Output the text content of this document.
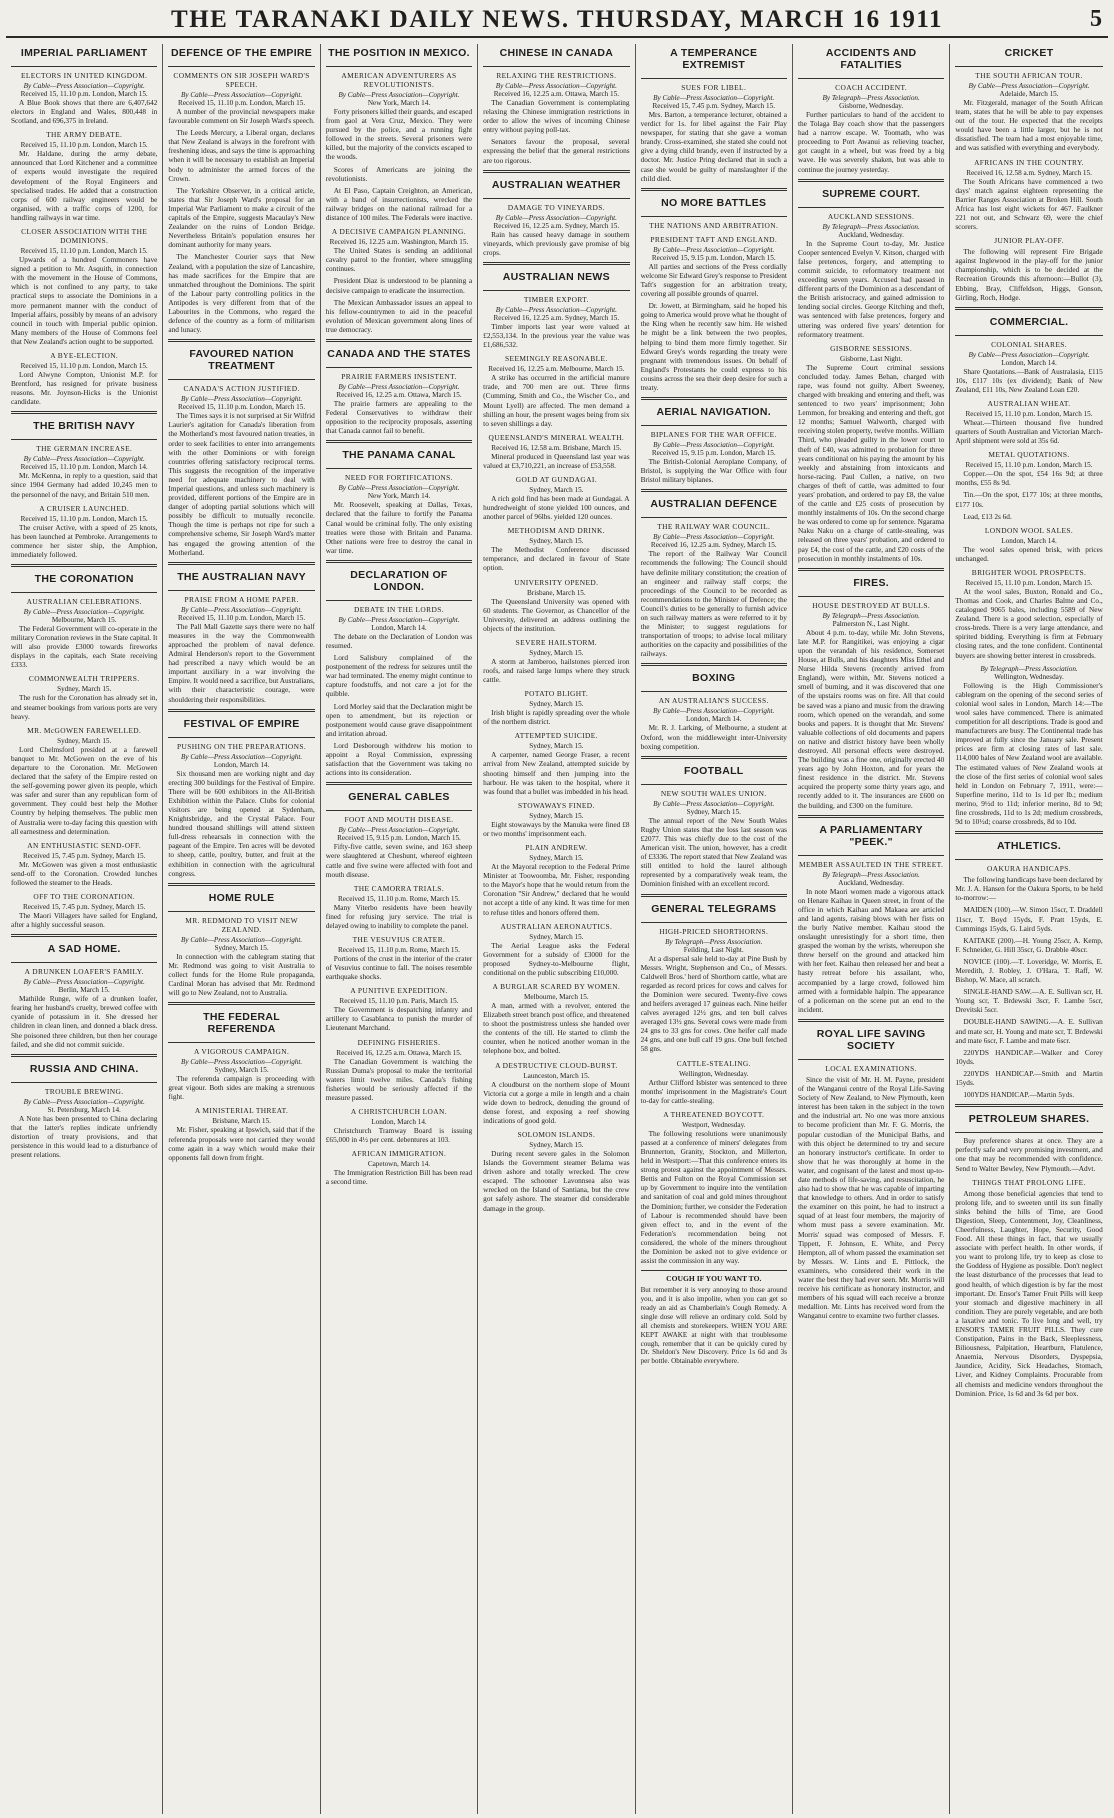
THE TARANAKI DAILY NEWS. THURSDAY, MARCH 16 1911	5
IMPERIAL PARLIAMENT
ELECTORS IN UNITED KINGDOM.
By Cable—Press Association—Copyright.
Received 15, 11.10 p.m. London, March 15.

A Blue Book shows that there are 6,407,642 electors in England and Wales, 800,448 in Scotland, and 696,375 in Ireland.

THE ARMY DEBATE.
Received 15, 11.10 p.m. London, March 15.

Mr. Haldane, during the army debate, announced that Lord Kitchener and a committee of experts would investigate the required development of the Royal Engineers and specialised trades. He added that a construction corps of 600 railway engineers would be organised, with a traffic corps of 1200, for handling railways in war time.

CLOSER ASSOCIATION WITH THE DOMINIONS.
Received 15, 11.10 p.m. London, March 15.

Upwards of a hundred Commoners have signed a petition to Mr. Asquith, in connection with the movement in the House of Commons, which is not confined to any party, to take practical steps to associate the Dominions in a more permanent manner with the conduct of Imperial affairs, possibly by means of an advisory council in touch with Imperial public opinion. Many members of the House of Commons feel that New Zealand's action ought to be supported.

A BYE-ELECTION.
Received 15, 11.10 p.m. London, March 15.

Lord Alwyne Compton, Unionist M.P. for Brentford, has resigned for private business reasons. Mr. Joynson-Hicks is the Unionist candidate.

THE BRITISH NAVY
THE GERMAN INCREASE.
By Cable—Press Association—Copyright.
Received 15, 11.10 p.m. London, March 14.

Mr. McKenna, in reply to a question, said that since 1904 Germany had added 10,245 men to the personnel of the navy, and Britain 510 men.

A CRUISER LAUNCHED.
Received 15, 11.10 p.m. London, March 15.

The cruiser Active, with a speed of 25 knots, has been launched at Pembroke. Arrangements to commence her sister ship, the Amphion, immediately followed.

THE CORONATION
AUSTRALIAN CELEBRATIONS.
By Cable—Press Association—Copyright.
Melbourne, March 15.

The Federal Government will co-operate in the military Coronation reviews in the State capital. It will also provide £3000 towards fireworks displays in the capitals, each State receiving £333.

COMMONWEALTH TRIPPERS.
Sydney, March 15.

The rush for the Coronation has already set in, and steamer bookings from various ports are very heavy.

MR. McGOWEN FAREWELLED.
Sydney, March 15.

Lord Chelmsford presided at a farewell banquet to Mr. McGowen on the eve of his departure to the Coronation. Mr. McGowen declared that the safety of the Empire rested on the self-governing power given its people, which was safer and surer than any republican form of government. They could best help the Mother Country by helping themselves. The public men of Australia were to-day facing this question with all earnestness and determination.

AN ENTHUSIASTIC SEND-OFF.
Received 15, 7.45 p.m. Sydney, March 15.

Mr. McGowen was given a most enthusiastic send-off to the Coronation. Crowded lunches followed the steamer to the Heads.

OFF TO THE CORONATION.
Received 15, 7.45 p.m. Sydney, March 15.

The Maori Villagers have sailed for England, after a highly successful season.

A SAD HOME.
A DRUNKEN LOAFER'S FAMILY.
By Cable—Press Association—Copyright.
Berlin, March 15.

Mathilde Runge, wife of a drunken loafer, fearing her husband's cruelty, brewed coffee with cyanide of potassium in it. She dressed her children in clean linen, and donned a black dress. She poisoned three children, but then her courage failed, and she did not commit suicide.

RUSSIA AND CHINA.
TROUBLE BREWING.
By Cable—Press Association—Copyright.
St. Petersburg, March 14.

A Note has been presented to China declaring that the latter's replies indicate unfriendly distortion of treaty provisions, and that persistence in this would lead to a disturbance of present relations.

DEFENCE OF THE EMPIRE
COMMENTS ON SIR JOSEPH WARD'S SPEECH.
By Cable—Press Association—Copyright.
Received 15, 11.10 p.m. London, March 15.

A number of the provincial newspapers make favourable comment on Sir Joseph Ward's speech.

The Leeds Mercury, a Liberal organ, declares that New Zealand is always in the forefront with freshening ideas, and says the time is approaching when it will be necessary to establish an Imperial body to administer the armed forces of the Crown.

The Yorkshire Observer, in a critical article, states that Sir Joseph Ward's proposal for an Imperial War Parliament to make a circuit of the capitals of the Empire, suggests Macaulay's New Zealander on the ruins of London Bridge. Nevertheless Britain's population ensures her dominant authority for many years.

The Manchester Courier says that New Zealand, with a population the size of Lancashire, has made sacrifices for the Empire that are unmatched throughout the Dominions. The spirit of the Labour party controlling politics in the Antipodes is very different from that of the Labourites in the Commons, who regard the defence of the country as a form of militarism and lunacy.

FAVOURED NATION TREATMENT
CANADA'S ACTION JUSTIFIED.
By Cable—Press Association—Copyright.
Received 15, 11.10 p.m. London, March 15.

The Times says it is not surprised at Sir Wilfrid Laurier's agitation for Canada's liberation from the Motherland's most favoured nation treaties, in order to seek facilities to enter into arrangements with the other Dominions or with foreign countries offering satisfactory reciprocal terms. This suggests the recognition of the imperative need for adequate machinery to deal with Imperial questions, and unless such machinery is provided, different portions of the Empire are in danger of adopting partial solutions which will possibly be difficult to mutually reconcile. Though the time is perhaps not ripe for such a comprehensive scheme, Sir Joseph Ward's matter has engaged the growing attention of the Motherland.

THE AUSTRALIAN NAVY
PRAISE FROM A HOME PAPER.
By Cable—Press Association—Copyright.
Received 15, 11.10 p.m. London, March 15.

The Pall Mall Gazette says there were no half measures in the way the Commonwealth approached the problem of naval defence. Admiral Henderson's report to the Government had prescribed a navy which would be an important auxiliary in a war involving the Empire. It would need a sacrifice, but Australians, with their characteristic courage, were shouldering their responsibilities.

FESTIVAL OF EMPIRE
PUSHING ON THE PREPARATIONS.
By Cable—Press Association—Copyright.
London, March 14.

Six thousand men are working night and day erecting 300 buildings for the Festival of Empire. There will be 600 exhibitors in the All-British Exhibition within the Palace. Clubs for colonial visitors are being opened at Sydenham, Knightsbridge, and the Crystal Palace. Four hundred thousand shillings will attend sixteen full-dress rehearsals in connection with the pageant of the Empire. Ten acres will be devoted to sheep, cattle, poultry, butter, and fruit at the exhibition in connection with the agricultural congress.

HOME RULE
MR. REDMOND TO VISIT NEW ZEALAND.
By Cable—Press Association—Copyright.
Sydney, March 15.

In connection with the cablegram stating that Mr. Redmond was going to visit Australia to collect funds for the Home Rule propaganda, Cardinal Moran has advised that Mr. Redmond will go to New Zealand, not to Australia.

THE FEDERAL REFERENDA
A VIGOROUS CAMPAIGN.
By Cable—Press Association—Copyright.
Sydney, March 15.

The referenda campaign is proceeding with great vigour. Both sides are making a strenuous fight.

A MINISTERIAL THREAT.
Brisbane, March 15.

Mr. Fisher, speaking at Ipswich, said that if the referenda proposals were not carried they would come again in a way which would make their opponents fall down from fright.

THE POSITION IN MEXICO.
AMERICAN ADVENTURERS AS REVOLUTIONISTS.
By Cable—Press Association—Copyright.
New York, March 14.

Forty prisoners killed their guards, and escaped from gaol at Vera Cruz, Mexico. They were pursued by the police, and a running fight followed in the streets. Several prisoners were killed, but the majority of the convicts escaped to the woods.

Scores of Americans are joining the revolutionists.

At El Paso, Captain Creighton, an American, with a band of insurrectionists, wrecked the railway bridges on the national railroad for a distance of 100 miles. The Federals were inactive.

A DECISIVE CAMPAIGN PLANNING.
Received 16, 12.25 a.m. Washington, March 15.

The United States is sending an additional cavalry patrol to the frontier, where smuggling continues.

President Diaz is understood to be planning a decisive campaign to eradicate the insurrection.

The Mexican Ambassador issues an appeal to his fellow-countrymen to aid in the peaceful evolution of Mexican government along lines of true democracy.

CANADA AND THE STATES
PRAIRIE FARMERS INSISTENT.
By Cable—Press Association—Copyright.
Received 16, 12.25 a.m. Ottawa, March 15.

The prairie farmers are appealing to the Federal Conservatives to withdraw their opposition to the reciprocity proposals, asserting that Canada cannot fail to benefit.

THE PANAMA CANAL
NEED FOR FORTIFICATIONS.
By Cable—Press Association—Copyright.
New York, March 14.

Mr. Roosevelt, speaking at Dallas, Texas, declared that the failure to fortify the Panama Canal would be criminal folly. The only existing treaties were those with Britain and Panama. Other nations were free to destroy the canal in war time.

DECLARATION OF LONDON.
DEBATE IN THE LORDS.
By Cable—Press Association—Copyright.
London, March 14.

The debate on the Declaration of London was resumed.

Lord Salisbury complained of the postponement of the redress for seizures until the war had terminated. The enemy might continue to capture foodstuffs, and not care a jot for the quibble.

Lord Morley said that the Declaration might be open to amendment, but its rejection or postponement would cause grave disappointment and irritation abroad.

Lord Desborough withdrew his motion to appoint a Royal Commission, expressing satisfaction that the Government was taking no actions into its consideration.

GENERAL CABLES
FOOT AND MOUTH DISEASE.
By Cable—Press Association—Copyright.
Received 15, 9.15 p.m. London, March 15.

Fifty-five cattle, seven swine, and 163 sheep were slaughtered at Cheshunt, whereof eighteen cattle and five swine were affected with foot and mouth disease.

THE CAMORRA TRIALS.
Received 15, 11.10 p.m. Rome, March 15.

Many Viterbo residents have been heavily fined for refusing jury service. The trial is delayed owing to inability to complete the panel.

THE VESUVIUS CRATER.
Received 15, 11.10 p.m. Rome, March 15.

Portions of the crust in the interior of the crater of Vesuvius continue to fall. The noises resemble earthquake shocks.

A PUNITIVE EXPEDITION.
Received 15, 11.10 p.m. Paris, March 15.

The Government is despatching infantry and artillery to Casablanca to punish the murder of Lieutenant Marchand.

DEFINING FISHERIES.
Received 16, 12.25 a.m. Ottawa, March 15.

The Canadian Government is watching the Russian Duma's proposal to make the territorial waters limit twelve miles. Canada's fishing fisheries would be seriously affected if the measure passed.

A CHRISTCHURCH LOAN.
London, March 14.

Christchurch Tramway Board is issuing £65,000 in 4½ per cent. debentures at 103.

AFRICAN IMMIGRATION.
Capetown, March 14.

The Immigration Restriction Bill has been read a second time.

CHINESE IN CANADA
RELAXING THE RESTRICTIONS.
By Cable—Press Association—Copyright.
Received 16, 12.25 a.m. Ottawa, March 15.

The Canadian Government is contemplating relaxing the Chinese immigration restrictions in order to allow the wives of incoming Chinese entry without paying poll-tax.

Senators favour the proposal, several expressing the belief that the general restrictions are too rigorous.

AUSTRALIAN WEATHER
DAMAGE TO VINEYARDS.
By Cable—Press Association—Copyright.
Received 16, 12.25 a.m. Sydney, March 15.

Rain has caused heavy damage in southern vineyards, which previously gave promise of big crops.

AUSTRALIAN NEWS
TIMBER EXPORT.
By Cable—Press Association—Copyright.
Received 16, 12.25 a.m. Sydney, March 15.

Timber imports last year were valued at £2,553,134. In the previous year the value was £1,686,532.

SEEMINGLY REASONABLE.
Received 16, 12.25 a.m. Melbourne, March 15.

A strike has occurred in the artificial manure trade, and 700 men are out. Three firms (Cumming, Smith and Co., the Wischer Co., and Mount Lyell) are affected. The men demand a shilling an hour, the present wages being from six to seven shillings a day.

QUEENSLAND'S MINERAL WEALTH.
Received 16, 12.58 a.m. Brisbane, March 15.

Mineral produced in Queensland last year was valued at £3,710,221, an increase of £53,558.

GOLD AT GUNDAGAI.
Sydney, March 15.

A rich gold find has been made at Gundagai. A hundredweight of stone yielded 100 ounces, and another parcel of 96lbs. yielded 120 ounces.

METHODISM AND DRINK.
Sydney, March 15.

The Methodist Conference discussed temperance, and declared in favour of State option.

UNIVERSITY OPENED.
Brisbane, March 15.

The Queensland University was opened with 60 students. The Governor, as Chancellor of the University, delivered an address outlining the objects of the institution.

SEVERE HAILSTORM.
Sydney, March 15.

A storm at Jamberoo, hailstones pierced iron roofs, and raised large lumps where they struck cattle.

POTATO BLIGHT.
Sydney, March 15.

Irish blight is rapidly spreading over the whole of the northern district.

ATTEMPTED SUICIDE.
Sydney, March 15.

A carpenter, named George Fraser, a recent arrival from New Zealand, attempted suicide by shooting himself and then jumping into the harbour. He was taken to the hospital, where it was found that a bullet was imbedded in his head.

STOWAWAYS FINED.
Sydney, March 15.

Eight stowaways by the Manuka were fined £8 or two months' imprisonment each.

PLAIN ANDREW.
Sydney, March 15.

At the Mayoral reception to the Federal Prime Minister at Toowoomba, Mr. Fisher, responding to the Mayor's hope that he would return from the Coronation "Sir Andrew," declared that he would not accept a title of any kind. It was time for men to refuse titles and honors offered them.

AUSTRALIAN AERONAUTICS.
Sydney, March 15.

The Aerial League asks the Federal Government for a subsidy of £3000 for the proposed Sydney-to-Melbourne flight, conditional on the public subscribing £10,000.

A BURGLAR SCARED BY WOMEN.
Melbourne, March 15.

A man, armed with a revolver, entered the Elizabeth street branch post office, and threatened to shoot the postmistress unless she handed over the contents of the till. He started to climb the counter, when he noticed another woman in the telephone box, and bolted.

A DESTRUCTIVE CLOUD-BURST.
Launceston, March 15.

A cloudburst on the northern slope of Mount Victoria cut a gorge a mile in length and a chain wide down to bedrock, denuding the ground of dense forest, and exposing a reef showing indications of good gold.

SOLOMON ISLANDS.
Sydney, March 15.

During recent severe gales in the Solomon Islands the Government steamer Belama was driven ashore and totally wrecked. The crew escaped. The schooner Lavonnsea also was wrecked on the Island of Santiana, but the crew got safely ashore. The steamer did considerable damage in the group.

A TEMPERANCE EXTREMIST
SUES FOR LIBEL.
By Cable—Press Association—Copyright.
Received 15, 7.45 p.m. Sydney, March 15.

Mrs. Barton, a temperance lecturer, obtained a verdict for 1s. for libel against the Fair Play newspaper, for stating that she gave a woman brandy. Cross-examined, she stated she could not give a dying child brandy, even if instructed by a doctor. Mr. Justice Pring declared that in such a case she would be guilty of manslaughter if the child died.

NO MORE BATTLES
THE NATIONS AND ARBITRATION.
PRESIDENT TAFT AND ENGLAND.
By Cable—Press Association—Copyright.
Received 15, 9.15 p.m. London, March 15.

All parties and sections of the Press cordially welcome Sir Edward Grey's response to President Taft's suggestion for an arbitration treaty, covering all possible grounds of quarrel.

Dr. Jowett, at Birmingham, said he hoped his going to America would prove what he thought of the King when he recently saw him. He wished he might be a link between the two peoples, helping to bind them more firmly together. Sir Edward Grey's words regarding the treaty were pregnant with tremendous issues. On behalf of England's Protestants he could express to his cousins across the sea their deep desire for such a treaty.

AERIAL NAVIGATION.
BIPLANES FOR THE WAR OFFICE.
By Cable—Press Association—Copyright.
Received 15, 9.15 p.m. London, March 15.

The British-Colonial Aeroplane Company, of Bristol, is supplying the War Office with four Bristol military biplanes.

AUSTRALIAN DEFENCE
THE RAILWAY WAR COUNCIL.
By Cable—Press Association—Copyright.
Received 16, 12.25 a.m. Sydney, March 15.

The report of the Railway War Council recommends the following: The Council should have definite military constitution; the creation of an engineer and railway staff corps; the proceedings of the Council to be recorded as recommendations to the Minister of Defence; the Council's duties to be generally to furnish advice on such railway matters as were referred to it by the Minister; to suggest regulations for transportation of troops; to advise local military authorities on the capacity and possibilities of the railways.

BOXING
AN AUSTRALIAN'S SUCCESS.
By Cable—Press Association—Copyright.
London, March 14.

Mr. R. J. Larking, of Melbourne, a student at Oxford, won the middleweight inter-University boxing competition.

FOOTBALL
NEW SOUTH WALES UNION.
By Cable—Press Association—Copyright.
Sydney, March 15.

The annual report of the New South Wales Rugby Union states that the loss last season was £2077. This was chiefly due to the cost of the American visit. The union, however, has a credit of £3336. The report stated that New Zealand was still entitled to hold the laurel although represented by a comparatively weak team, the Dominion finished with an excellent record.

GENERAL TELEGRAMS
HIGH-PRICED SHORTHORNS.
By Telegraph—Press Association.
Feilding, Last Night.

At a dispersal sale held to-day at Pine Bush by Messrs. Wright, Stephenson and Co., of Messrs. Caldwell Bros.' herd of Shorthorn cattle, what are regarded as record prices for cows and calves for the Dominion were secured. Twenty-five cows and heifers averaged 17 guineas each. Nine heifer calves averaged 12½ gns, and ten bull calves averaged 13½ gns. Several cows were made from 24 gns to 33 gns for cows. One heifer calf made 24 gns, and one bull calf 19 gns. One bull fetched 58 gns.

CATTLE-STEALING.
Wellington, Wednesday.

Arthur Clifford Isbister was sentenced to three months' imprisonment in the Magistrate's Court to-day for cattle-stealing.

A THREATENED BOYCOTT.
Westport, Wednesday.

The following resolutions were unanimously passed at a conference of miners' delegates from Brunnerton, Granity, Stockton, and Millerton, held in Westport:—That this conference enters its strong protest against the appointment of Messrs. Bettis and Fulton on the Royal Commission set up by Government to inquire into the ventilation and sanitation of coal and gold mines throughout the Dominion; further, we consider the Federation of Labour is recommended should have been given effect to, and in the event of the Federation's recommendation being not considered, the whole of the miners throughout the Dominion be asked not to give evidence or assist the commission in any way.

COUGH IF YOU WANT TO.
But remember it is very annoying to those around you, and it is also impolite, when you can get so ready an aid as Chamberlain's Cough Remedy. A single dose will relieve an ordinary cold. Sold by all chemists and storekeepers. WHEN YOU ARE KEPT AWAKE at night with that troublesome cough, remember that it can be quickly cured by Dr. Sheldon's New Discovery. Price 1s 6d and 3s per bottle. Obtainable everywhere.
ACCIDENTS AND FATALITIES
COACH ACCIDENT.
By Telegraph—Press Association.
Gisborne, Wednesday.

Further particulars to hand of the accident to the Tolaga Bay coach show that the passengers had a narrow escape. W. Toomath, who was proceeding to Port Awanui as relieving teacher, got caught in a wheel, but was freed by a big wave. He was severely shaken, but was able to continue the journey yesterday.

SUPREME COURT.
AUCKLAND SESSIONS.
By Telegraph—Press Association.
Auckland, Wednesday.

In the Supreme Court to-day, Mr. Justice Cooper sentenced Evelyn V. Kitson, charged with false pretences, forgery, and attempting to commit suicide, to reformatory treatment not exceeding seven years. Accused had passed in different parts of the Dominion as a descendant of the British aristocracy, and gained admission to lending social circles. George Kitching and theft, was sentenced with false pretences, forgery and uttering was ordered five years' detention for reformatory treatment.

GISBORNE SESSIONS.
Gisborne, Last Night.

The Supreme Court criminal sessions concluded today. James Behan, charged with rape, was found not guilty. Albert Sweeney, charged with breaking and entering and theft, was sentenced to two years' imprisonment; John Lemmon, for breaking and entering and theft, got 12 months; Samuel Walworth, charged with receiving stolen property, twelve months. William Third, who pleaded guilty in the lower court to theft of £40, was admitted to probation for three years conditional on his paying the amount by his weekly and abstaining from intoxicants and horse-racing. Paul Cullen, a native, on two charges of theft of cattle, was admitted to four years' probation, and ordered to pay £8, the value of the cattle and £25 costs of prosecution by monthly instalments of 10s. On the second charge he was ordered to come up for sentence. Ngarama Naku Naku on a charge of cattle-stealing, was released on three years' probation, and ordered to pay £4, the cost of the cattle, and £20 costs of the prosecution in monthly instalments of 10s.

FIRES.
HOUSE DESTROYED AT BULLS.
By Telegraph—Press Association.
Palmerston N., Last Night.

About 4 p.m. to-day, while Mr. John Stevens, late M.P. for Rangitikei, was enjoying a cigar upon the verandah of his residence, Somerset House, at Bulls, and his daughters Miss Ethel and Nurse Hilda Stevens (recently arrived from England), were within, Mr. Stevens noticed a smell of burning, and it was discovered that one of the upstairs rooms was on fire. All that could be saved was a piano and music from the drawing room, which opened on the verandah, and some books and papers. It is thought that Mr. Stevens' valuable collections of old documents and papers on native and district history have been wholly destroyed. All personal effects were destroyed. The building was a fine one, originally erected 40 years ago by John Hoxton, and for years the finest residence in the district. Mr. Stevens acquired the property some thirty years ago, and recently added to it. The insurances are £600 on the building, and £300 on the furniture.

A PARLIAMENTARY "PEEK."
MEMBER ASSAULTED IN THE STREET.
By Telegraph—Press Association.
Auckland, Wednesday.

In note Maori women made a vigorous attack on Henare Kaihau in Queen street, in front of the office in which Kaihau and Makaea are articled and land agents, raising blows with her fists on the burly Native member. Kaihau stood the onslaught unresistingly for a short time, then grasped the woman by the wrists, whereupon she threw herself on the ground and attacked him with her feet. Kaihau then released her and beat a hasty retreat before his assailant, who, accompanied by a large crowd, followed him armed with a formidable halpin. The appearance of a policeman on the scene put an end to the incident.

ROYAL LIFE SAVING SOCIETY
LOCAL EXAMINATIONS.

Since the visit of Mr. H. M. Payne, president of the Wanganui centre of the Royal Life-Saving Society of New Zealand, to New Plymouth, keen interest has been taken in the subject in the town and the industrial art. No one was more anxious to become proficient than Mr. F. G. Morris, the popular custodian of the Municipal Baths, and with this object he determined to try and secure an honorary instructor's certificate. In order to show that he was thoroughly at home in the water, and cognisant of the latest and most up-to-date methods of life-saving, and resuscitation, he also had to show that he was capable of imparting that knowledge to others. And in order to satisfy the examiner on this point, he had to instruct a squad of at least four members, the majority of whom must pass a severe examination. Mr. Morris' squad was composed of Messrs. F. Tippett, F. Johnson, E. White, and Percy Hempton, all of whom passed the examination set by Messrs. W. Lints and E. Pittlock, the examiners, who considered their work in the water the best they had ever seen. Mr. Morris will receive his certificate as honorary instructor, and members of his squad will each receive a bronze medallion. Mr. Lints has received word from the Wanganui centre to examine two further classes.

CRICKET
THE SOUTH AFRICAN TOUR.
By Cable—Press Association—Copyright.
Adelaide, March 15.

Mr. Fitzgerald, manager of the South African team, states that he will be able to pay expenses out of the tour. He expected that the receipts would have been a little larger, but he is not dissatisfied. The team had a most enjoyable time, and was satisfied with everything and everybody.

AFRICANS IN THE COUNTRY.
Received 16, 12.58 a.m. Sydney, March 15.

The South Africans have commenced a two days' match against eighteen representing the Barrier Ranges Association at Broken Hill. South Africa has lost eight wickets for 467. Faulkner 221 not out, and Schwarz 69, were the chief scorers.

JUNIOR PLAY-OFF.

The following will represent Fire Brigade against Inglewood in the play-off for the junior championship, which is to be decided at the Recreation Grounds this afternoon:—Bullot (3), Ebbing, Bray, Cliffeldson, Higgs, Gonson, Girling, Roch, Hodge.

COMMERCIAL.
COLONIAL SHARES.
By Cable—Press Association—Copyright.
London, March 14.

Share Quotations.—Bank of Australasia, £115 10s, £117 10s (ex dividend); Bank of New Zealand, £11 10s, New Zealand Loan £20.

AUSTRALIAN WHEAT.
Received 15, 11.10 p.m. London, March 15.

Wheat.—Thirteen thousand five hundred quarters of South Australian and Victorian March-April shipment were sold at 35s 6d.

METAL QUOTATIONS.
Received 15, 11.10 p.m. London, March 15.

Copper.—On the spot, £54 16s 9d; at three months, £55 8s 9d.

Tin.—On the spot, £177 10s; at three months, £177 10s.

Lead, £13 2s 6d.

LONDON WOOL SALES.
London, March 14.

The wool sales opened brisk, with prices unchanged.

BRIGHTER WOOL PROSPECTS.
Received 15, 11.10 p.m. London, March 15.

At the wool sales, Buxton, Ronald and Co., Thomas and Cook, and Charles Balme and Co., catalogued 9065 bales, including 5589 of New Zealand. There is a good selection, especially of cross-breds. There is a very large attendance, and spirited bidding. Everything is firm at February closing rates, and the tone confident. Continental buyers are showing better interest in crossbreds.

By Telegraph—Press Association.
Wellington, Wednesday.

Following is the High Commissioner's cablegram on the opening of the second series of colonial wool sales in London, March 14:—The wool sales have commenced. There is animated competition for all descriptions. Trade is good and manufacturers are busy. The Continental trade has improved at fully since the January sale. Present prices are firm at closing rates of last sale. 114,000 bales of New Zealand wool are available. The estimated values of New Zealand wools at the close of the first series of colonial wool sales held in London on February 7, 1911, were:—Superfine merino, 11d to 1s 1d per lb.; medium merino, 9½d to 11d; inferior merino, 8d to 9d; fine crossbreds, 11d to 1s 2d; medium crossbreds, 9d to 10½d; coarse crossbreds, 8d to 10d.

ATHLETICS.
OAKURA HANDICAPS.

The following handicaps have been declared by Mr. J. A. Hansen for the Oakura Sports, to be held to-morrow:—

MAIDEN (100).—W. Simon 15scr, T. Draddell 11scr, T. Boyd 15yds, F. Pratt 15yds, E. Cummings 15yds, G. Laird 5yds.

KAITAKE (200).—H. Young 25scr, A. Kemp, F. Schneider, G. Hill 35scr, G. Drabble 40scr.

NOVICE (100).—T. Loveridge, W. Morris, E. Meredith, J. Robley, J. O'Hara, T. Raff, W. Bishop, W. Mace, all scratch.

SINGLE-HAND SAW.—A. E. Sullivan scr, H. Young scr, T. Brdewski 3scr, F. Lambe 5scr, Drevitski 5scr.

DOUBLE-HAND SAWING.—A. E. Sullivan and mate scr, H. Young and mate scr, T. Brdewski and mate 6scr, F. Lambe and mate 6scr.

220YDS HANDICAP.—Walker and Corey 10yds.

220YDS HANDICAP.—Smith and Martin 15yds.

100YDS HANDICAP.—Martin 5yds.

PETROLEUM SHARES.

Buy preference shares at once. They are a perfectly safe and very promising investment, and one that may be recommended with confidence. Send to Walter Bewley, New Plymouth.—Advt.

THINGS THAT PROLONG LIFE.

Among those beneficial agencies that tend to prolong life, and to sweeten until its sun finally sinks behind the hills of Time, are Good Digestion, Sleep, Contentment, Joy, Cleanliness, Cheerfulness, Laughter, Hope, Security, Good Food. All these things in fact, that we usually associate with perfect health. In other words, if you want to prolong life, try to keep as close to the Goddess of Hygiene as possible. Don't neglect the least disturbance of the processes that lead to good health, of which digestion is by far the most important. Dr. Ensor's Tamer Fruit Pills will keep your stomach and digestive machinery in all condition. They are purely vegetable, and are both a laxative and tonic. To live long and well, try ENSOR'S TAMER FRUIT PILLS. They cure Constipation, Pains in the Back, Sleeplessness, Biliousness, Palpitation, Heartburn, Flatulence, Anaemia, Nervous Disorders, Dyspepsia, Jaundice, Acidity, Sick Headaches, Stomach, Liver, and Kidney Complaints. Procurable from all chemists and medicine vendors throughout the Dominion. Price, 1s 6d and 3s 6d per box.
